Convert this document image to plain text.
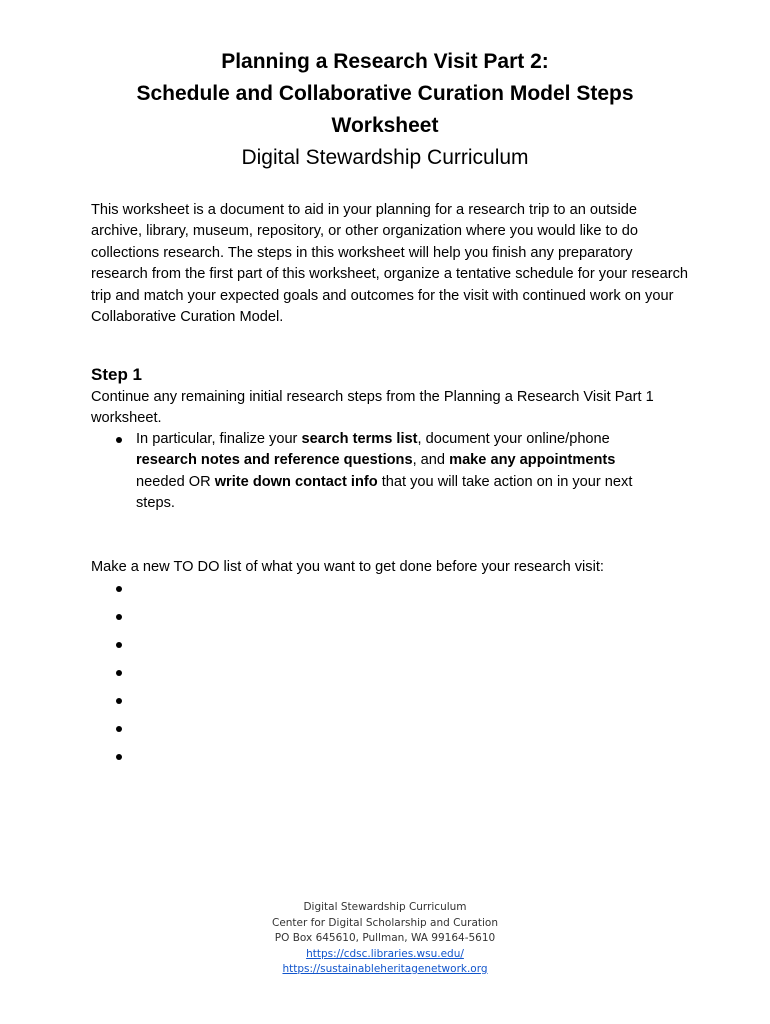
Planning a Research Visit Part 2:

Schedule and Collaborative Curation Model Steps

Worksheet

Digital Stewardship Curriculum

This worksheet is a document to aid in your planning for a research trip to an outside archive, library, museum, repository, or other organization where you would like to do collections research. The steps in this worksheet will help you finish any preparatory research from the first part of this worksheet, organize a tentative schedule for your research trip and match your expected goals and outcomes for the visit with continued work on your Collaborative Curation Model.

Step 1

Continue any remaining initial research steps from the Planning a Research Visit Part 1 worksheet.

In particular, finalize your search terms list, document your online/phone research notes and reference questions, and make any appointments needed OR write down contact info that you will take action on in your next steps.

Make a new TO DO list of what you want to get done before your research visit:

Digital Stewardship Curriculum
Center for Digital Scholarship and Curation
PO Box 645610, Pullman, WA 99164-5610
https://cdsc.libraries.wsu.edu/
https://sustainableheritagenetwork.org
